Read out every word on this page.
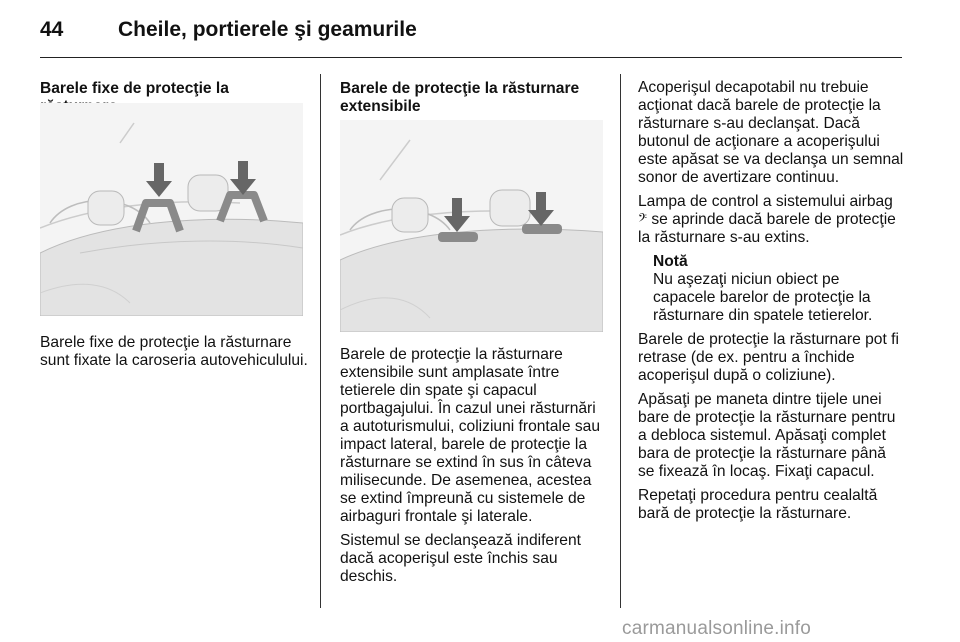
44	Cheile, portierele şi geamurile

Barele fixe de protecţie la

Barele fixe de protecţie la răsturnare sunt fixate la caroseria autovehiculului.

Barele de protecţie la răsturnare extensibile

Barele de protecţie la răsturnare extensibile sunt amplasate între tetierele din spate şi capacul portbagajului. În cazul unei răsturnări a autoturismului, coliziuni frontale sau impact lateral, barele de protecţie la răsturnare se extind în sus în câteva milisecunde. De asemenea, acestea se extind împreună cu sistemele de airbaguri frontale şi laterale.

Sistemul se declanşează indiferent dacă acoperişul este închis sau deschis.

Acoperişul decapotabil nu trebuie acţionat dacă barele de protecţie la răsturnare s-au declanşat. Dacă butonul de acţionare a acoperişului este apăsat se va declanşa un semnal sonor de avertizare continuu.

Lampa de control a sistemului airbag 𝄢 se aprinde dacă barele de protecţie la răsturnare s-au extins.

Notă
Nu aşezaţi niciun obiect pe capacele barelor de protecţie la răsturnare din spatele tetierelor.

Barele de protecţie la răsturnare pot fi retrase (de ex. pentru a închide acoperişul după o coliziune).

Apăsaţi pe maneta dintre tijele unei bare de protecţie la răsturnare pentru a debloca sistemul. Apăsaţi complet bara de protecţie la răsturnare până se fixează în locaş. Fixaţi capacul.

Repetaţi procedura pentru cealaltă bară de protecţie la răsturnare.

carmanualsonline.info
